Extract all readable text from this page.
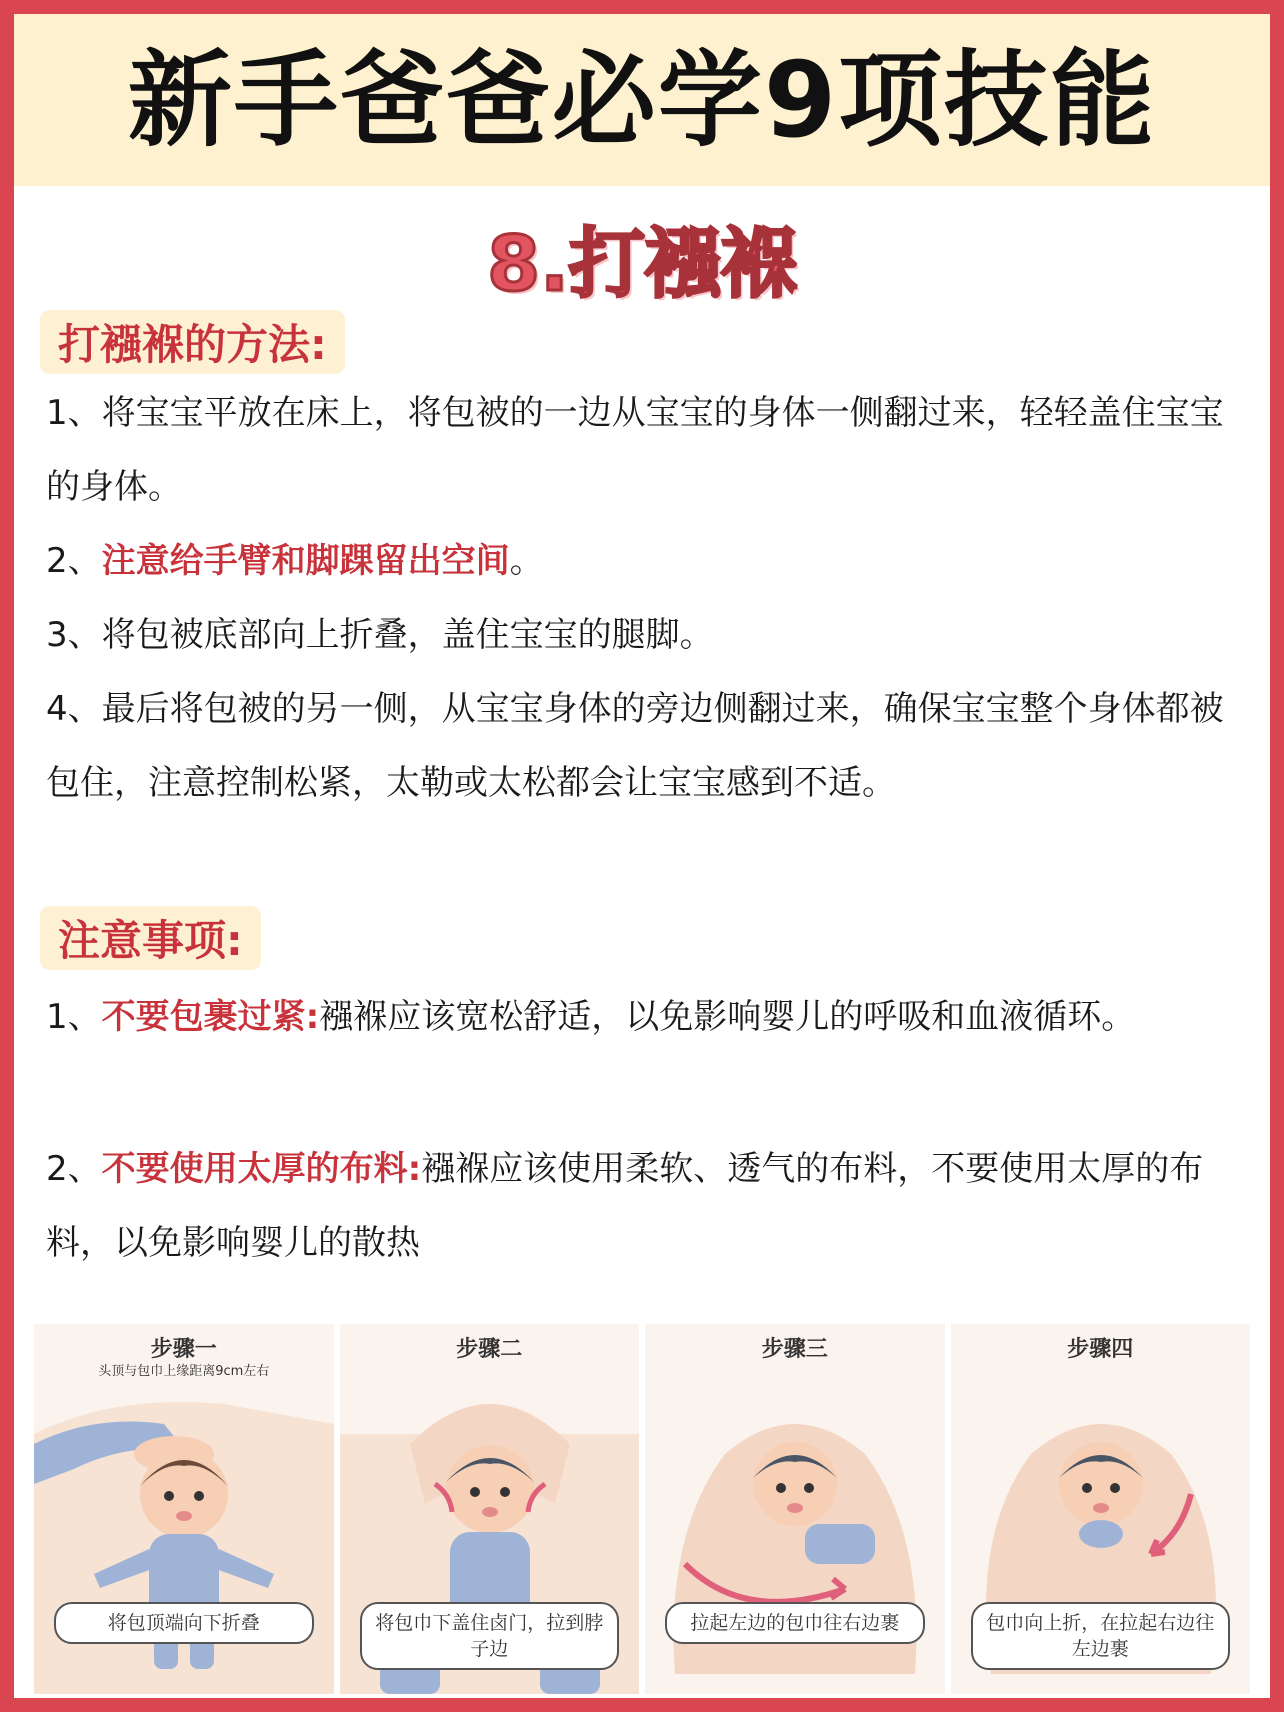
新手爸爸必学9项技能
8.打襁褓
打襁褓的方法:
1、将宝宝平放在床上，将包被的一边从宝宝的身体一侧翻过来，轻轻盖住宝宝的身体。
2、注意给手臂和脚踝留出空间。
3、将包被底部向上折叠，盖住宝宝的腿脚。
4、最后将包被的另一侧，从宝宝身体的旁边侧翻过来，确保宝宝整个身体都被包住，注意控制松紧，太勒或太松都会让宝宝感到不适。
注意事项:
1、不要包裹过紧:襁褓应该宽松舒适，以免影响婴儿的呼吸和血液循环。
2、不要使用太厚的布料:襁褓应该使用柔软、透气的布料，不要使用太厚的布料，以免影响婴儿的散热
步骤一
头顶与包巾上缘距离9cm左右
将包顶端向下折叠
步骤二
将包巾下盖住卤门，拉到脖子边
步骤三
拉起左边的包巾往右边裹
步骤四
包巾向上折，在拉起右边往左边裹
